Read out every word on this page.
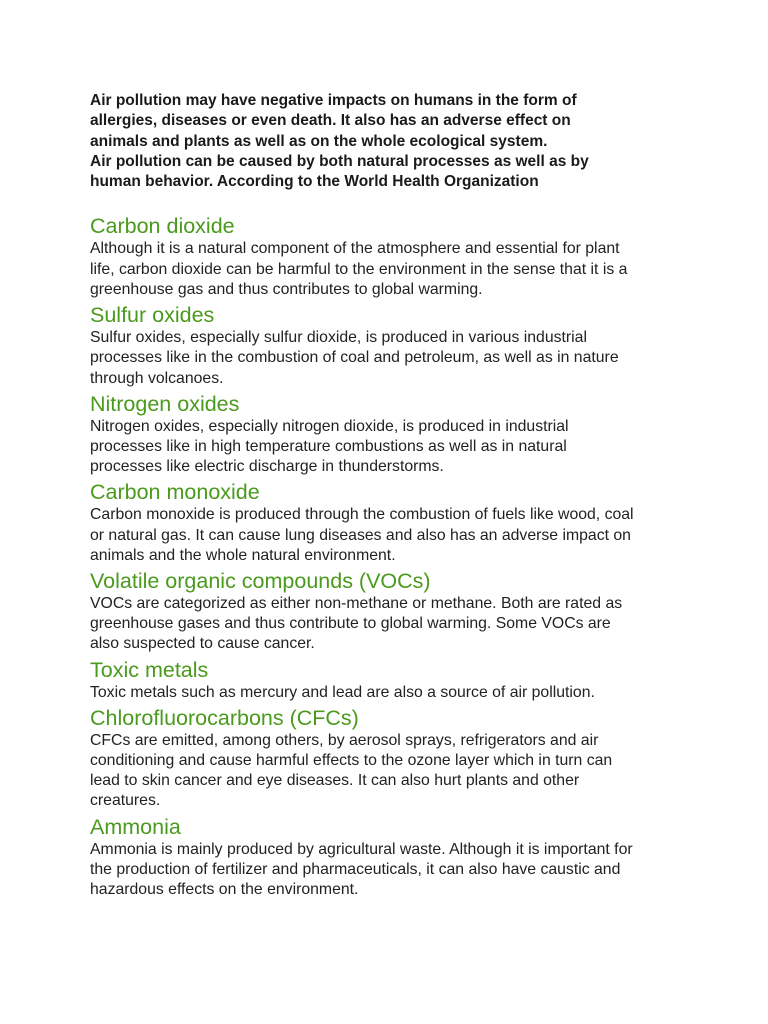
Air pollution may have negative impacts on humans in the form of
allergies, diseases or even death. It also has an adverse effect on
animals and plants as well as on the whole ecological system.
Air pollution can be caused by both natural processes as well as by
human behavior. According to the World Health Organization

Carbon dioxide

Although it is a natural component of the atmosphere and essential for plant
life, carbon dioxide can be harmful to the environment in the sense that it is a
greenhouse gas and thus contributes to global warming.

Sulfur oxides

Sulfur oxides, especially sulfur dioxide, is produced in various industrial
processes like in the combustion of coal and petroleum, as well as in nature
through volcanoes.

Nitrogen oxides

Nitrogen oxides, especially nitrogen dioxide, is produced in industrial
processes like in high temperature combustions as well as in natural
processes like electric discharge in thunderstorms.

Carbon monoxide

Carbon monoxide is produced through the combustion of fuels like wood, coal
or natural gas. It can cause lung diseases and also has an adverse impact on
animals and the whole natural environment.

Volatile organic compounds (VOCs)

VOCs are categorized as either non-methane or methane. Both are rated as
greenhouse gases and thus contribute to global warming. Some VOCs are
also suspected to cause cancer.

Toxic metals

Toxic metals such as mercury and lead are also a source of air pollution.

Chlorofluorocarbons (CFCs)

CFCs are emitted, among others, by aerosol sprays, refrigerators and air
conditioning and cause harmful effects to the ozone layer which in turn can
lead to skin cancer and eye diseases. It can also hurt plants and other
creatures.

Ammonia

Ammonia is mainly produced by agricultural waste. Although it is important for
the production of fertilizer and pharmaceuticals, it can also have caustic and
hazardous effects on the environment.
